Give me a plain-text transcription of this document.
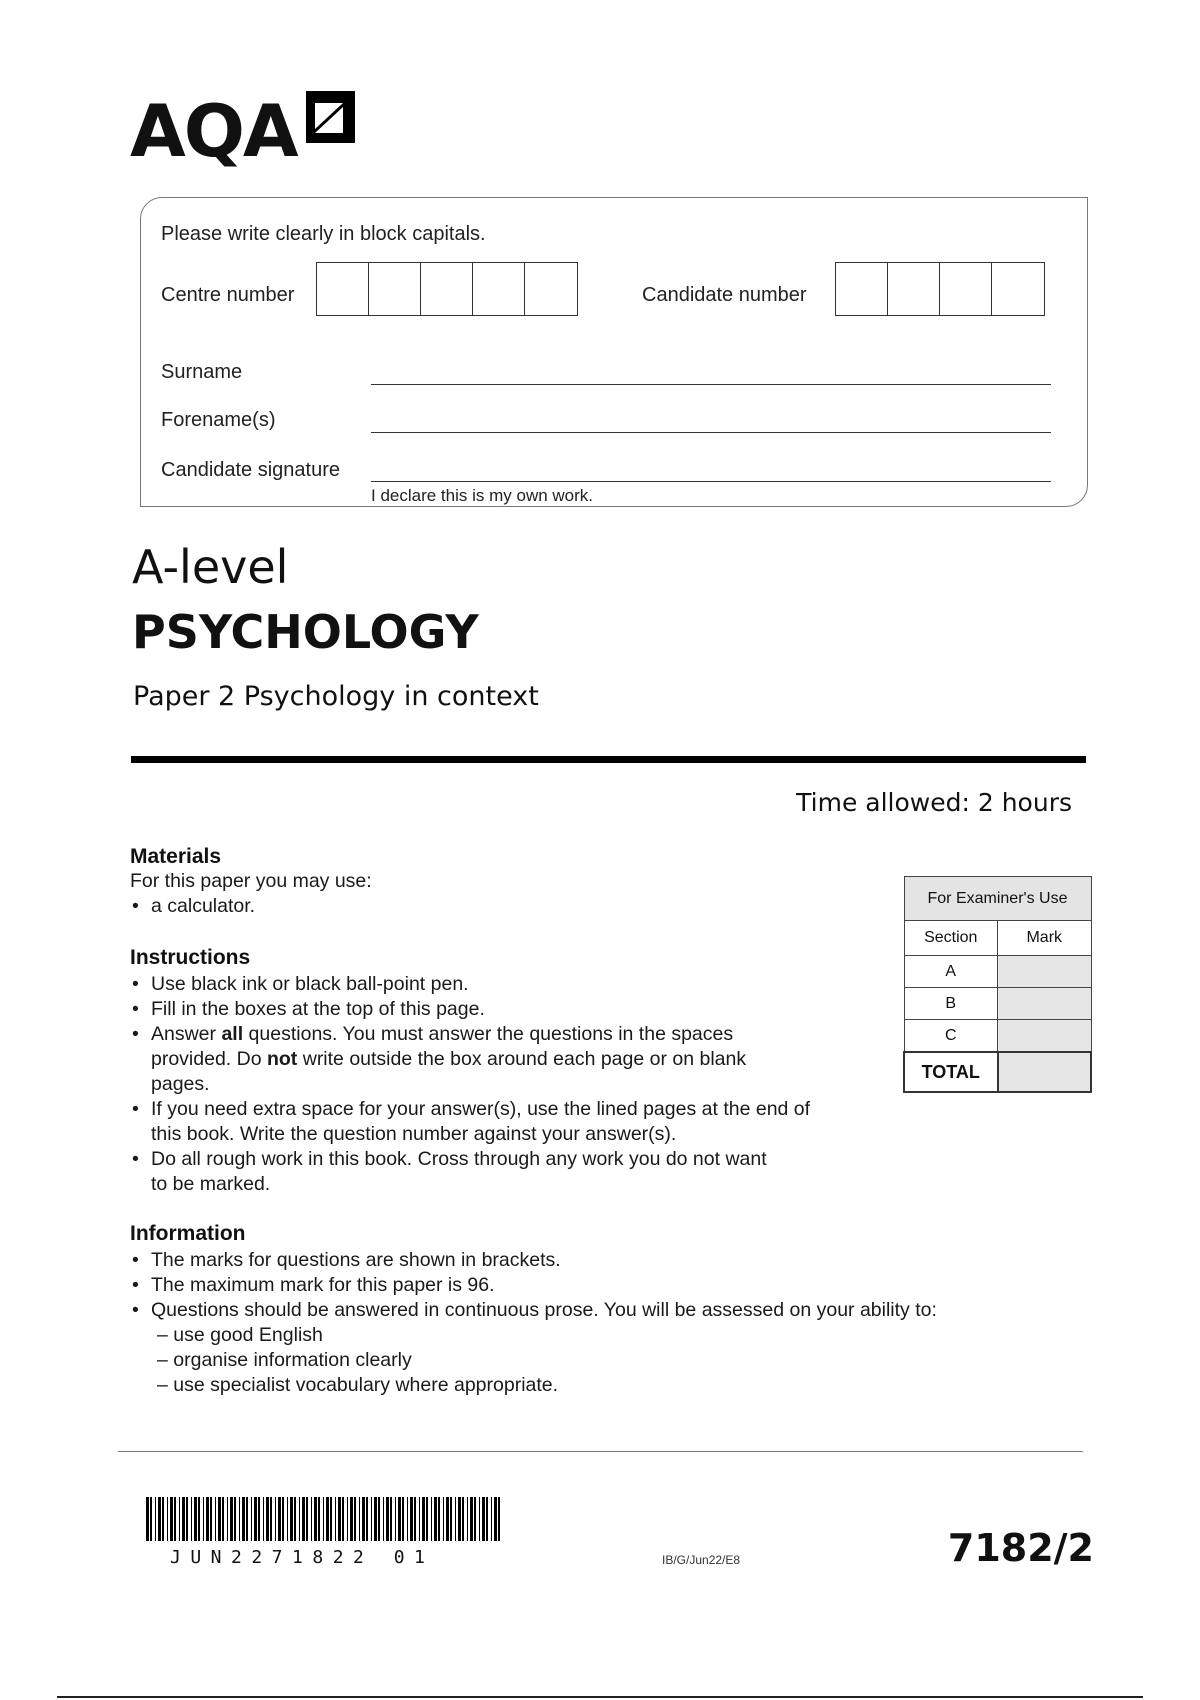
AQA
Please write clearly in block capitals.
Centre number	Candidate number
Surname
Forename(s)
Candidate signature
I declare this is my own work.
A-level
PSYCHOLOGY
Paper 2 Psychology in context
Time allowed: 2 hours
Materials
For this paper you may use:
• a calculator.
Instructions
• Use black ink or black ball-point pen.
• Fill in the boxes at the top of this page.
• Answer all questions. You must answer the questions in the spaces provided. Do not write outside the box around each page or on blank pages.
• If you need extra space for your answer(s), use the lined pages at the end of this book. Write the question number against your answer(s).
• Do all rough work in this book. Cross through any work you do not want to be marked.
Information
• The marks for questions are shown in brackets.
• The maximum mark for this paper is 96.
• Questions should be answered in continuous prose. You will be assessed on your ability to:
– use good English
– organise information clearly
– use specialist vocabulary where appropriate.
For Examiner's Use	
Section	Mark
A	
B	
C	
TOTAL	
JUN2271822 01	IB/G/Jun22/E8	7182/2
